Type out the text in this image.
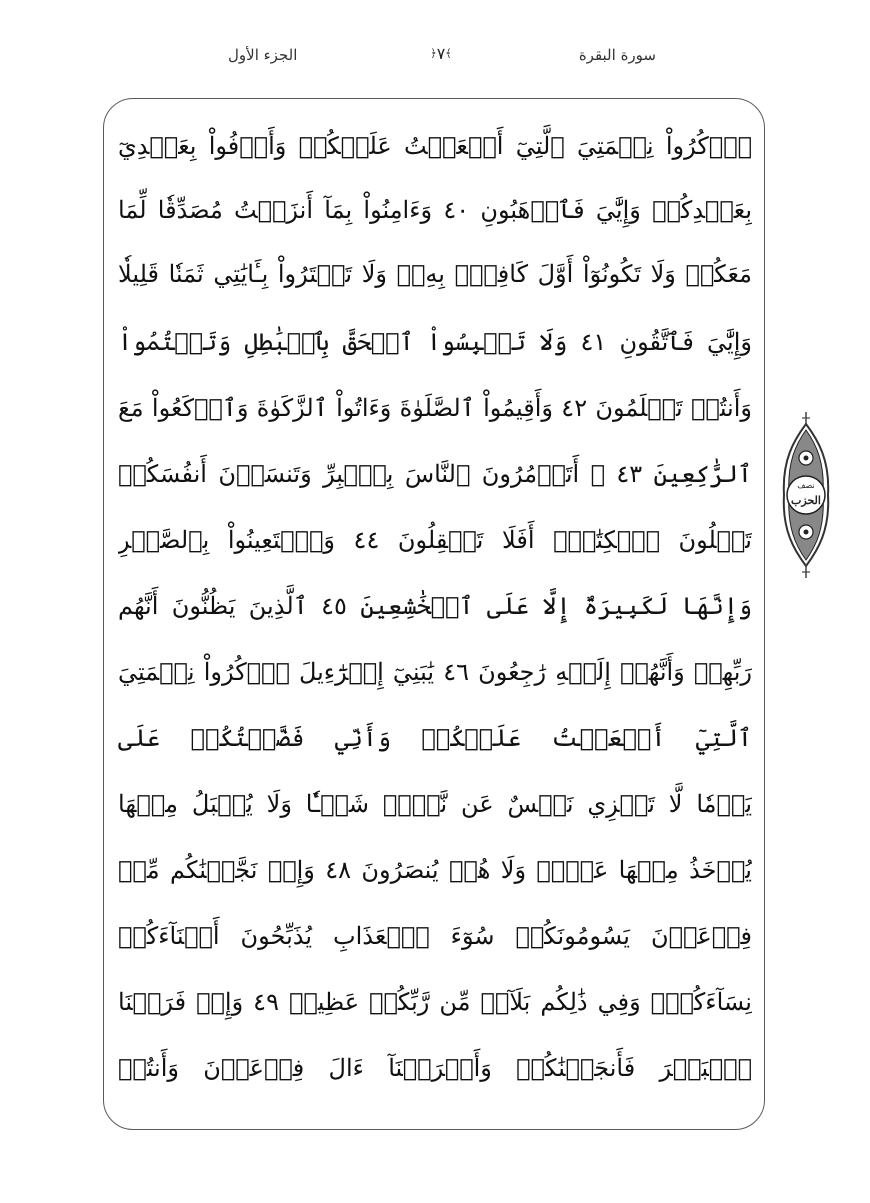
الجزء الأول	﴿٧﴾	سورة البقرة
ٱذۡكُرُواْ نِعۡمَتِيَ ٱلَّتِيٓ أَنۡعَمۡتُ عَلَيۡكُمۡ وَأَوۡفُواْ بِعَهۡدِيٓ
بِعَهۡدِكُمۡ وَإِيَّٰيَ فَٱرۡهَبُونِ ٤٠ وَءَامِنُواْ بِمَآ أَنزَلۡتُ مُصَدِّقٗا لِّمَا
مَعَكُمۡ وَلَا تَكُونُوٓاْ أَوَّلَ كَافِرِۭ بِهِۦۖ وَلَا تَشۡتَرُواْ بِـَٔايَٰتِي ثَمَنٗا قَلِيلٗا
وَإِيَّٰيَ فَٱتَّقُونِ ٤١ وَلَا تَلۡبِسُواْ ٱلۡحَقَّ بِٱلۡبَٰطِلِ وَتَكۡتُمُواْ
وَأَنتُمۡ تَعۡلَمُونَ ٤٢ وَأَقِيمُواْ ٱلصَّلَوٰةَ وَءَاتُواْ ٱلزَّكَوٰةَ وَٱرۡكَعُواْ مَعَ
ٱلرَّٰكِعِينَ ٤٣ ۞ أَتَأۡمُرُونَ ٱلنَّاسَ بِٱلۡبِرِّ وَتَنسَوۡنَ أَنفُسَكُمۡ
تَتۡلُونَ ٱلۡكِتَٰبَۚ أَفَلَا تَعۡقِلُونَ ٤٤ وَٱسۡتَعِينُواْ بِٱلصَّبۡرِ
وَإِنَّهَا لَكَبِيرَةٌ إِلَّا عَلَى ٱلۡخَٰشِعِينَ ٤٥ ٱلَّذِينَ يَظُنُّونَ أَنَّهُم
رَبِّهِمۡ وَأَنَّهُمۡ إِلَيۡهِ رَٰجِعُونَ ٤٦ يَٰبَنِيٓ إِسۡرَٰٓءِيلَ ٱذۡكُرُواْ نِعۡمَتِيَ
ٱلَّتِيٓ أَنۡعَمۡتُ عَلَيۡكُمۡ وَأَنِّي فَضَّلۡتُكُمۡ عَلَى
يَوۡمٗا لَّا تَجۡزِي نَفۡسٌ عَن نَّفۡسٖ شَيۡـٔٗا وَلَا يُقۡبَلُ مِنۡهَا
يُؤۡخَذُ مِنۡهَا عَدۡلٞ وَلَا هُمۡ يُنصَرُونَ ٤٨ وَإِذۡ نَجَّيۡنَٰكُم مِّنۡ
فِرۡعَوۡنَ يَسُومُونَكُمۡ سُوٓءَ ٱلۡعَذَابِ يُذَبِّحُونَ أَبۡنَآءَكُمۡ
نِسَآءَكُمۡۚ وَفِي ذَٰلِكُم بَلَآءٞ مِّن رَّبِّكُمۡ عَظِيمٞ ٤٩ وَإِذۡ فَرَقۡنَا
ٱلۡبَحۡرَ فَأَنجَيۡنَٰكُمۡ وَأَغۡرَقۡنَآ ءَالَ فِرۡعَوۡنَ وَأَنتُمۡ
نصف
الحزب
